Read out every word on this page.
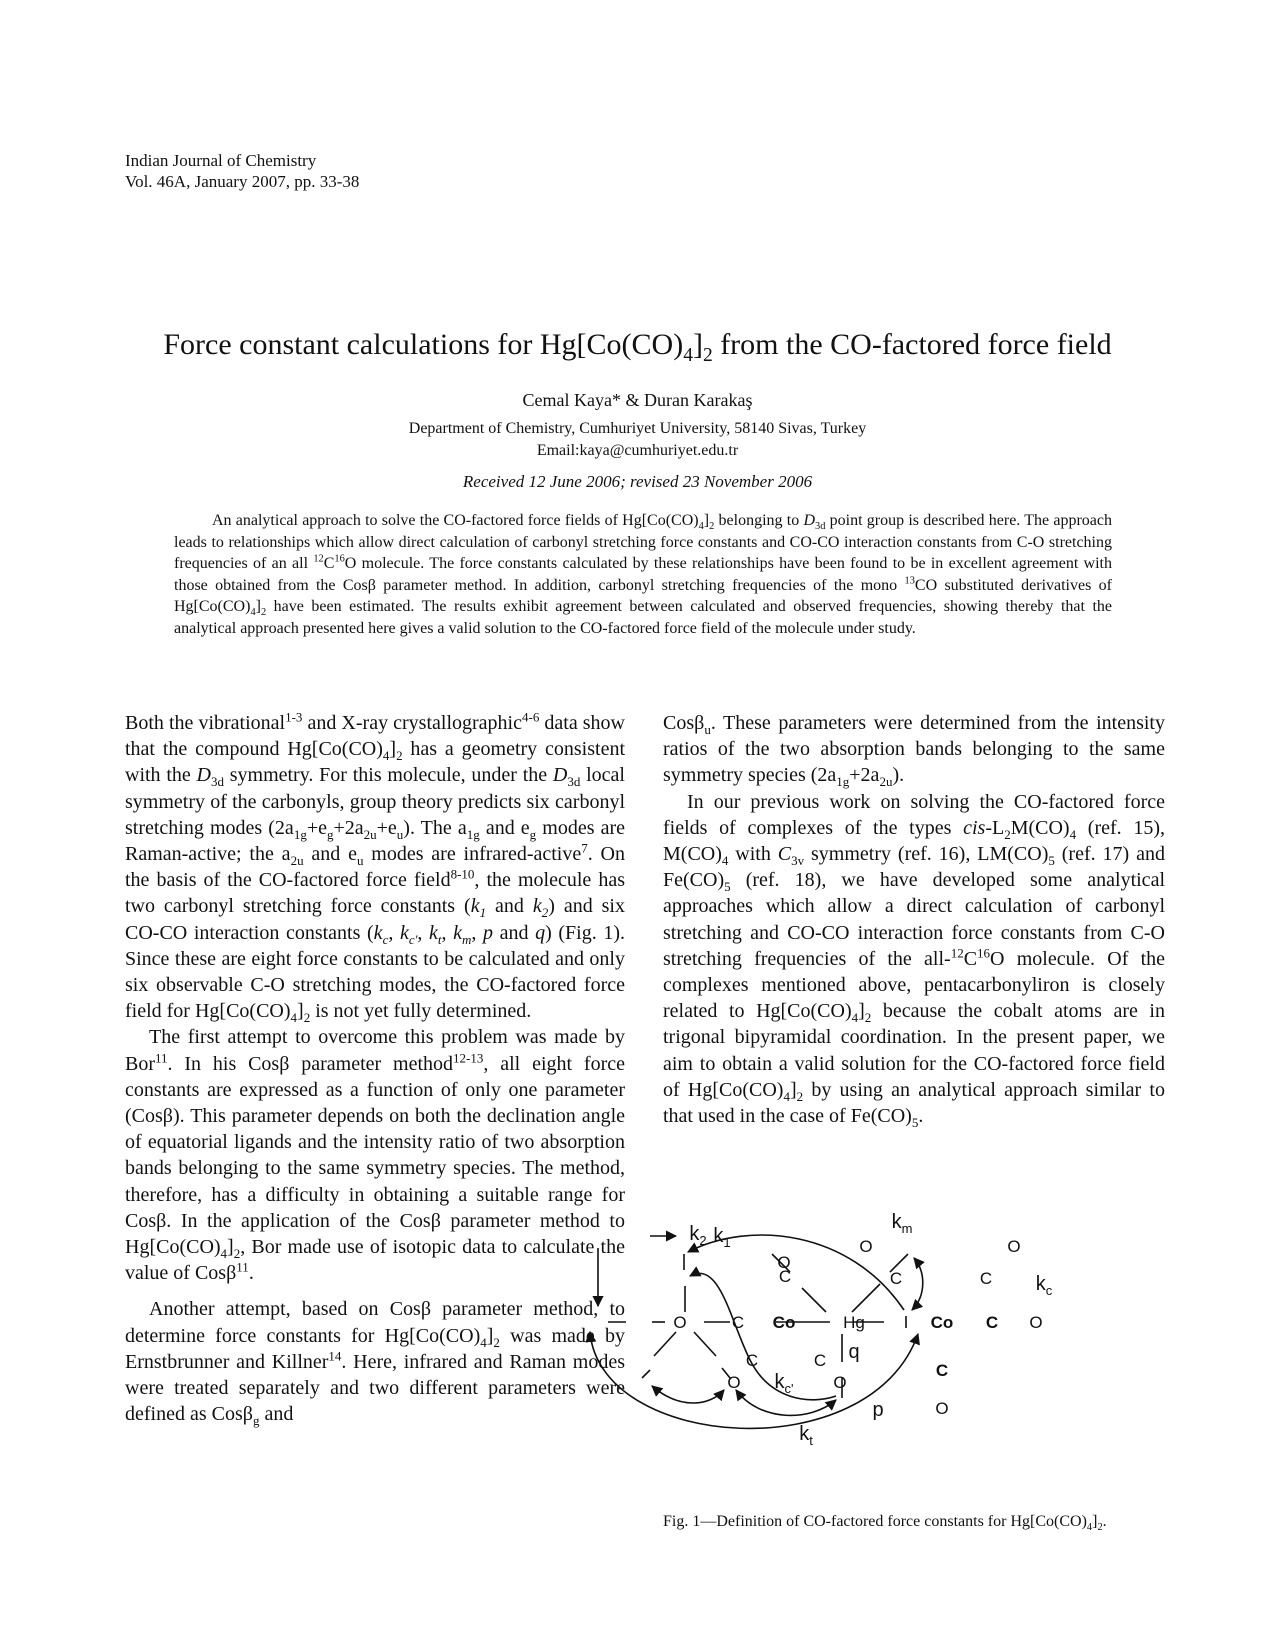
Indian Journal of Chemistry
Vol. 46A, January 2007, pp. 33-38
Force constant calculations for $Hg[Co(CO)_4]_2$ from the CO-factored force field
Cemal Kaya* & Duran Karakaş
Department of Chemistry, Cumhuriyet University, 58140 Sivas, Turkey
Email:kaya@cumhuriyet.edu.tr
Received 12 June 2006; revised 23 November 2006

An analytical approach to solve the CO-factored force fields of $Hg[Co(CO)_4]_2$ belonging to $D_{3d}$ point group is described here. The approach leads to relationships which allow direct calculation of carbonyl stretching force constants and CO-CO interaction constants from C-O stretching frequencies of an all $^{12}C^{16}O$ molecule. The force constants calculated by these relationships have been found to be in excellent agreement with those obtained from the Cosβ parameter method. In addition, carbonyl stretching frequencies of the mono $^{13}$CO substituted derivatives of $Hg[Co(CO)_4]_2$ have been estimated. The results exhibit agreement between calculated and observed frequencies, showing thereby that the analytical approach presented here gives a valid solution to the CO-factored force field of the molecule under study.

Both the vibrational$^{1-3}$ and X-ray crystallographic$^{4-6}$ data show that the compound $Hg[Co(CO)_4]_2$ has a geometry consistent with the $D_{3d}$ symmetry. For this molecule, under the $D_{3d}$ local symmetry of the carbonyls, group theory predicts six carbonyl stretching modes $(2a_{1g}+e_g+2a_{2u}+e_u)$. The $a_{1g}$ and $e_g$ modes are Raman-active; the $a_{2u}$ and $e_u$ modes are infrared-active$^7$. On the basis of the CO-factored force field$^{8-10}$, the molecule has two carbonyl stretching force constants ($k_1$ and $k_2$) and six CO-CO interaction constants ($k_c$, $k_{c'}$, $k_t$, $k_m$, p and q) (Fig. 1). Since these are eight force constants to be calculated and only six observable C-O stretching modes, the CO-factored force field for $Hg[Co(CO)_4]_2$ is not yet fully determined.

The first attempt to overcome this problem was made by Bor$^{11}$. In his Cosβ parameter method$^{12-13}$, all eight force constants are expressed as a function of only one parameter (Cosβ). This parameter depends on both the declination angle of equatorial ligands and the intensity ratio of two absorption bands belonging to the same symmetry species. The method, therefore, has a difficulty in obtaining a suitable range for Cosβ. In the application of the Cosβ parameter method to $Hg[Co(CO)_4]_2$, Bor made use of isotopic data to calculate the value of Cosβ$^{11}$.

Another attempt, based on Cosβ parameter method, to determine force constants for $Hg[Co(CO)_4]_2$ was made by Ernstbrunner and Killner$^{14}$. Here, infrared and Raman modes were treated separately and two different parameters were defined as Cosβ$_g$ and

Cosβ$_u$. These parameters were determined from the intensity ratios of the two absorption bands belonging to the same symmetry species $(2a_{1g}+2a_{2u})$.

In our previous work on solving the CO-factored force fields of complexes of the types cis-$L_2M(CO)_4$ (ref. 15), $M(CO)_4$ with $C_{3v}$ symmetry (ref. 16), $LM(CO)_5$ (ref. 17) and $Fe(CO)_5$ (ref. 18), we have developed some analytical approaches which allow a direct calculation of carbonyl stretching and CO-CO interaction force constants from C-O stretching frequencies of the all-$^{12}C^{16}O$ molecule. Of the complexes mentioned above, pentacarbonyliron is closely related to $Hg[Co(CO)_4]_2$ because the cobalt atoms are in trigonal bipyramidal coordination. In the present paper, we aim to obtain a valid solution for the CO-factored force field of $Hg[Co(CO)_4]_2$ by using an analytical approach similar to that used in the case of $Fe(CO)_5$.

O
C
O	C Co	Hg	Co C O
C
O
C
O
C
O
C
O
C
O
$k_1$
$k_2$
$k_m$
$k_c$
$k_{c'}$
$k_t$
q
p
Fig. 1—Definition of CO-factored force constants for $Hg[Co(CO)_4]_2$.
